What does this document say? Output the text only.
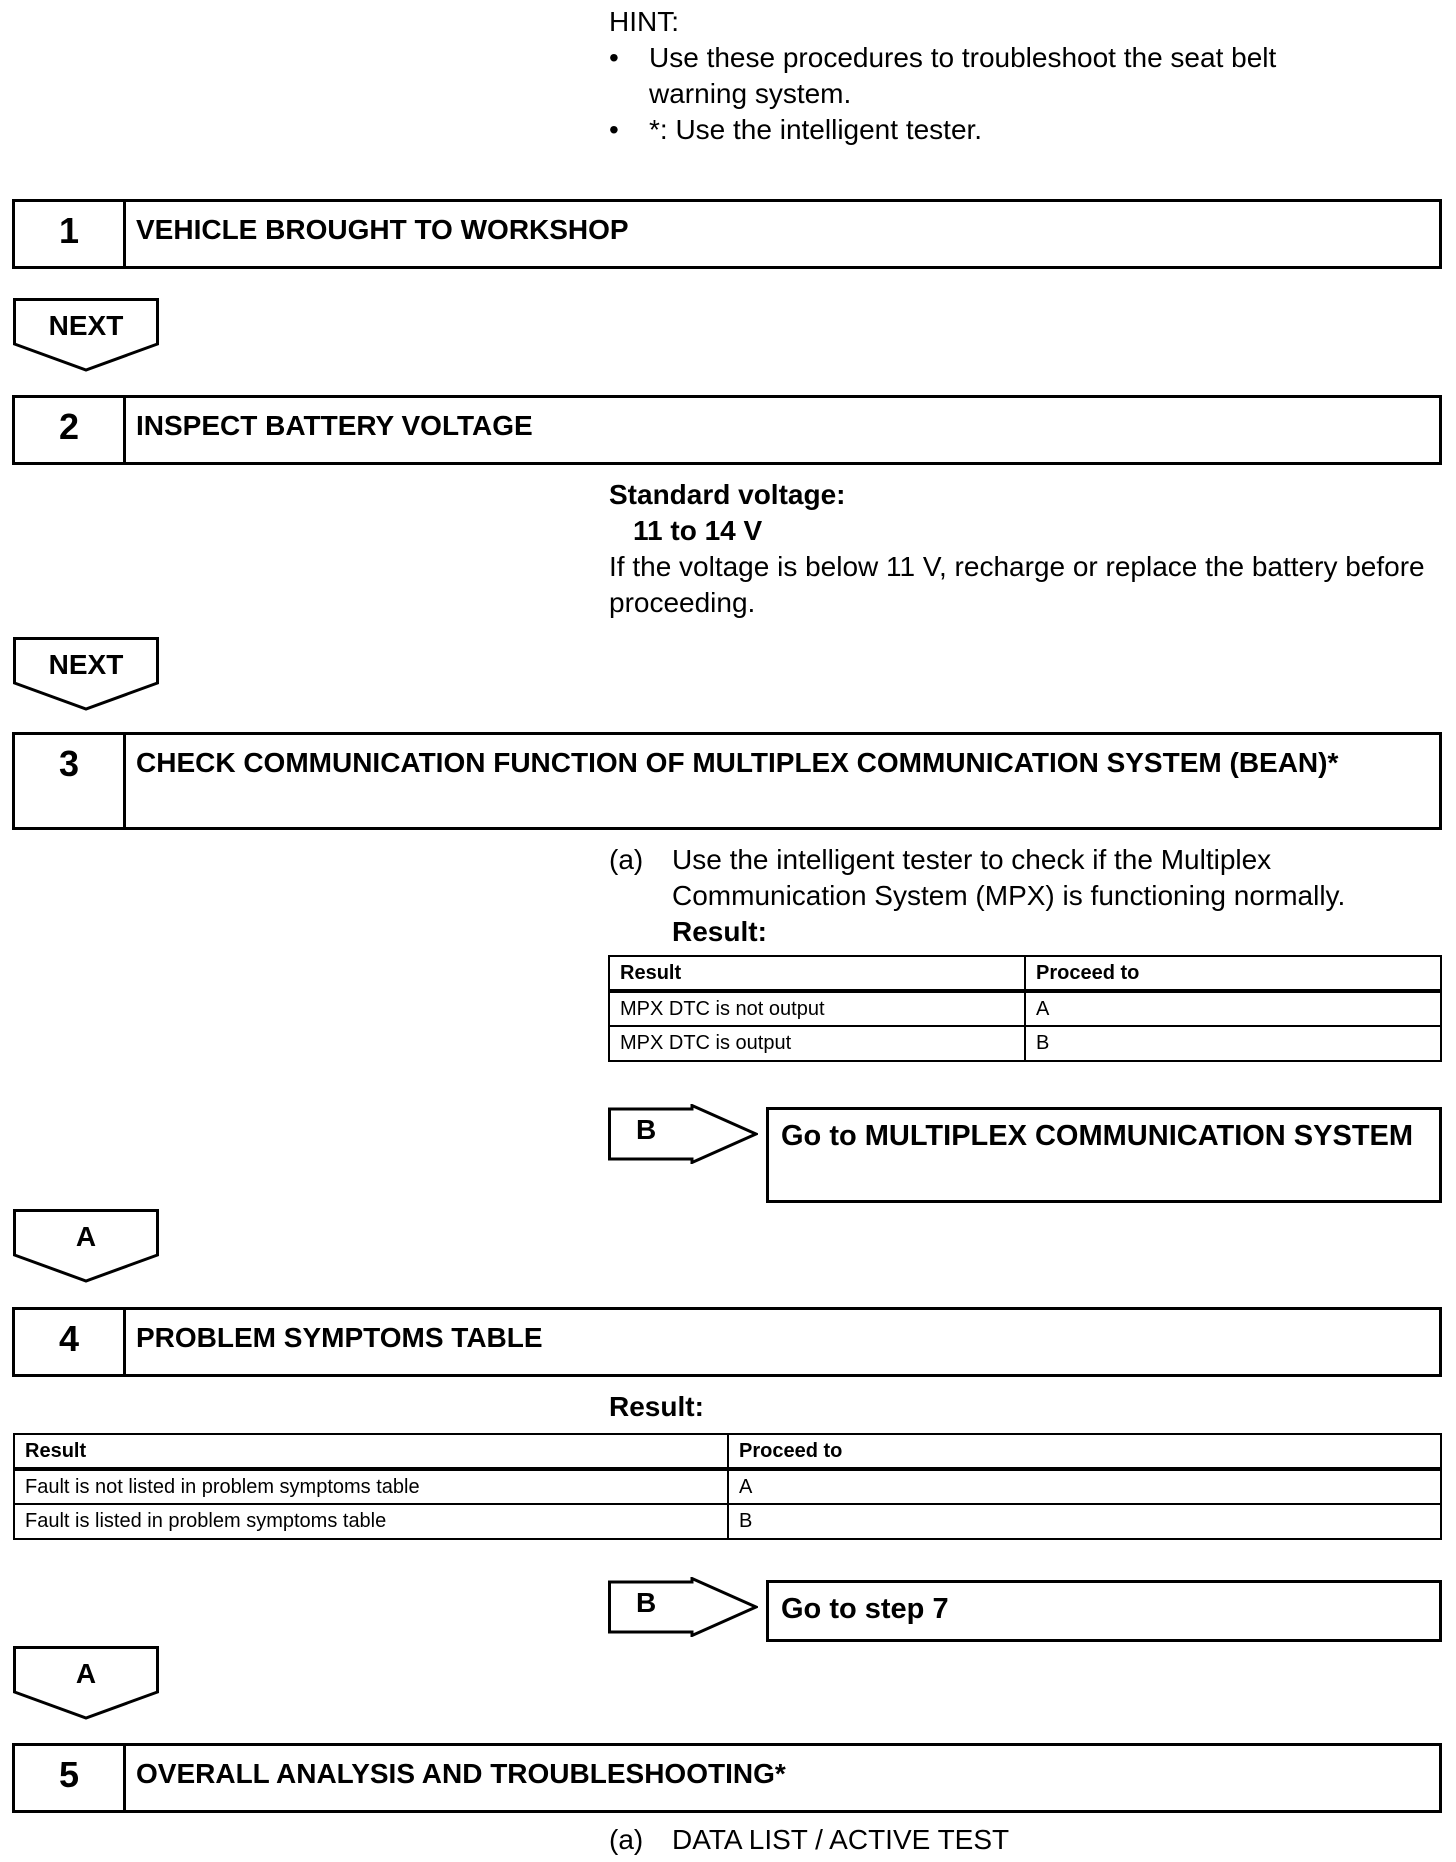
HINT:
• Use these procedures to troubleshoot the seat belt warning system.
• *: Use the intelligent tester.
1	VEHICLE BROUGHT TO WORKSHOP
NEXT
2	INSPECT BATTERY VOLTAGE
Standard voltage:
11 to 14 V
If the voltage is below 11 V, recharge or replace the battery before proceeding.
NEXT
3	CHECK COMMUNICATION FUNCTION OF MULTIPLEX COMMUNICATION SYSTEM (BEAN)*
(a) Use the intelligent tester to check if the Multiplex Communication System (MPX) is functioning normally.
Result:
Result	Proceed to
MPX DTC is not output	A
MPX DTC is output	B
B	Go to MULTIPLEX COMMUNICATION SYSTEM
A
4	PROBLEM SYMPTOMS TABLE
Result:
Result	Proceed to
Fault is not listed in problem symptoms table	A
Fault is listed in problem symptoms table	B
B	Go to step 7
A
5	OVERALL ANALYSIS AND TROUBLESHOOTING*
(a) DATA LIST / ACTIVE TEST
